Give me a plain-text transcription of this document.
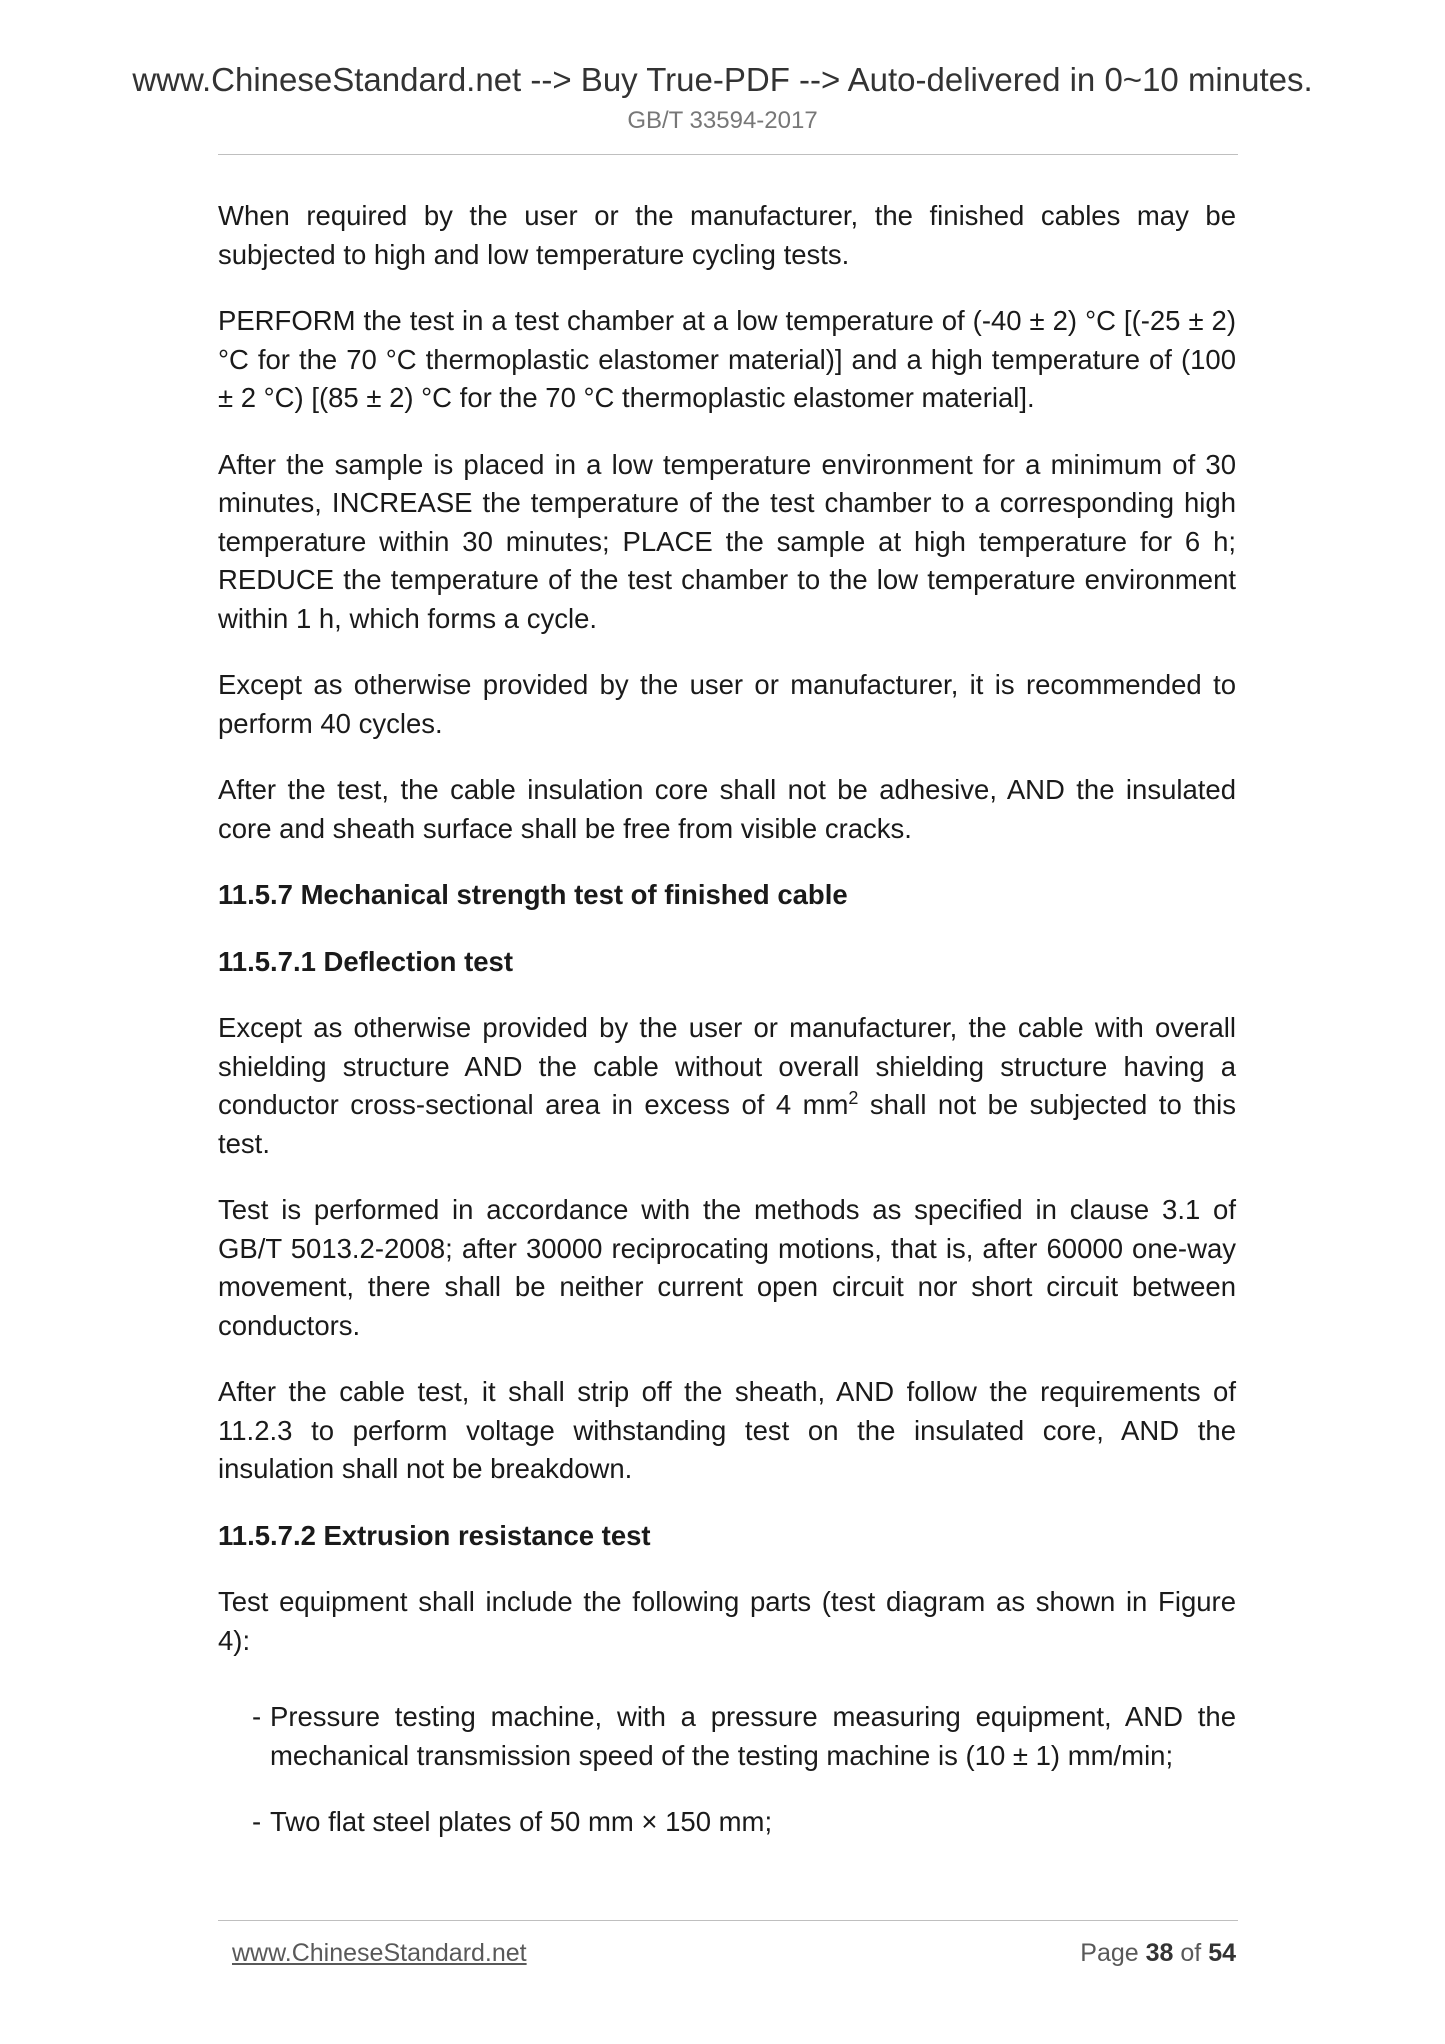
www.ChineseStandard.net --> Buy True-PDF --> Auto-delivered in 0~10 minutes.
GB/T 33594-2017

When required by the user or the manufacturer, the finished cables may be subjected to high and low temperature cycling tests.

PERFORM the test in a test chamber at a low temperature of (-40 ± 2) °C [(-25 ± 2) °C for the 70 °C thermoplastic elastomer material)] and a high temperature of (100 ± 2 °C) [(85 ± 2) °C for the 70 °C thermoplastic elastomer material].

After the sample is placed in a low temperature environment for a minimum of 30 minutes, INCREASE the temperature of the test chamber to a corresponding high temperature within 30 minutes; PLACE the sample at high temperature for 6 h; REDUCE the temperature of the test chamber to the low temperature environment within 1 h, which forms a cycle.

Except as otherwise provided by the user or manufacturer, it is recommended to perform 40 cycles.

After the test, the cable insulation core shall not be adhesive, AND the insulated core and sheath surface shall be free from visible cracks.

11.5.7 Mechanical strength test of finished cable
11.5.7.1 Deflection test

Except as otherwise provided by the user or manufacturer, the cable with overall shielding structure AND the cable without overall shielding structure having a conductor cross-sectional area in excess of 4 $mm^2$ shall not be subjected to this test.

Test is performed in accordance with the methods as specified in clause 3.1 of GB/T 5013.2-2008; after 30000 reciprocating motions, that is, after 60000 one-way movement, there shall be neither current open circuit nor short circuit between conductors.

After the cable test, it shall strip off the sheath, AND follow the requirements of 11.2.3 to perform voltage withstanding test on the insulated core, AND the insulation shall not be breakdown.

11.5.7.2 Extrusion resistance test

Test equipment shall include the following parts (test diagram as shown in Figure 4):

- Pressure testing machine, with a pressure measuring equipment, AND the mechanical transmission speed of the testing machine is (10 ± 1) mm/min;
- Two flat steel plates of 50 mm × 150 mm;
www.ChineseStandard.net	Page 38 of 54
